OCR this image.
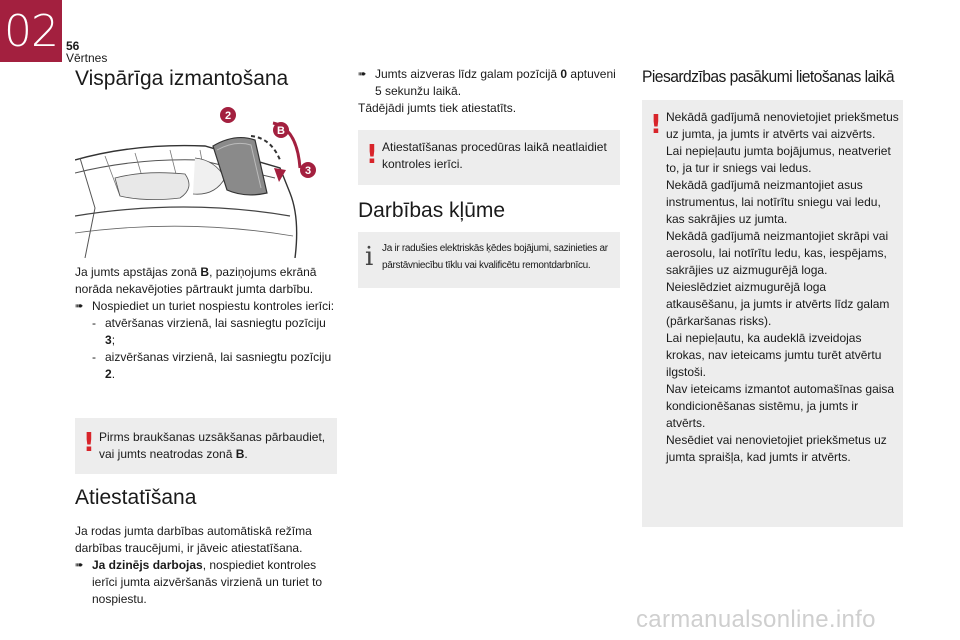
02 56
Vērtnes
Vispārīga izmantošana
2
B
3

Ja jumts apstājas zonā B, paziņojums ekrānā norāda nekavējoties pārtraukt jumta darbību.

➠ Nospiediet un turiet nospiestu kontroles ierīci:
- atvēršanas virzienā, lai sasniegtu pozīciju 3;
- aizvēršanas virzienā, lai sasniegtu pozīciju 2.
! Pirms braukšanas uzsākšanas pārbaudiet, vai jumts neatrodas zonā B.
Atiestatīšana

Ja rodas jumta darbības automātiskā režīma darbības traucējumi, ir jāveic atiestatīšana.

➠ Ja dzinējs darbojas, nospiediet kontroles ierīci jumta aizvēršanās virzienā un turiet to nospiestu.
➠ Jumts aizveras līdz galam pozīcijā 0 aptuveni 5 sekunžu laikā.

Tādējādi jumts tiek atiestatīts.

! Atiestatīšanas procedūras laikā neatlaidiet kontroles ierīci.
Darbības kļūme
i Ja ir radušies elektriskās ķēdes bojājumi, sazinieties ar pārstāvniecību tīklu vai kvalificētu remontdarbnīcu.
Piesardzības pasākumi lietošanas laikā
! Nekādā gadījumā nenovietojiet priekšmetus uz jumta, ja jumts ir atvērts vai aizvērts.

Lai nepieļautu jumta bojājumus, neatveriet to, ja tur ir sniegs vai ledus.

Nekādā gadījumā neizmantojiet asus instrumentus, lai notīrītu sniegu vai ledu, kas sakrājies uz jumta.

Nekādā gadījumā neizmantojiet skrāpi vai aerosolu, lai notīrītu ledu, kas, iespējams, sakrājies uz aizmugurējā loga.

Neieslēdziet aizmugurējā loga atkausēšanu, ja jumts ir atvērts līdz galam (pārkaršanas risks).

Lai nepieļautu, ka audeklā izveidojas krokas, nav ieteicams jumtu turēt atvērtu ilgstoši.

Nav ieteicams izmantot automašīnas gaisa kondicionēšanas sistēmu, ja jumts ir atvērts.

Nesēdiet vai nenovietojiet priekšmetus uz jumta spraišļa, kad jumts ir atvērts.

carmanualsonline.info
